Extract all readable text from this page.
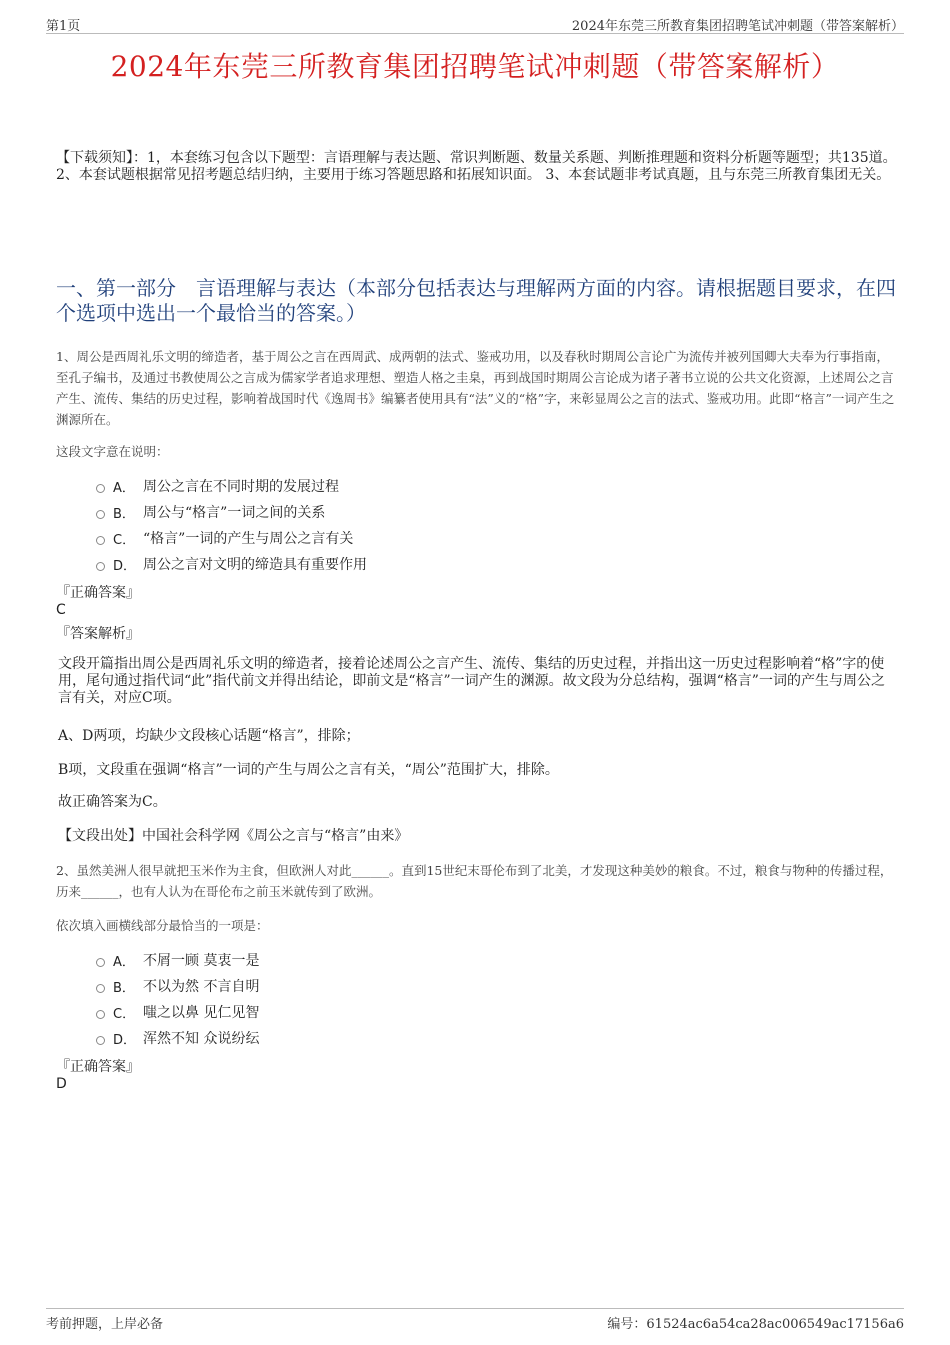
第1页	2024年东莞三所教育集团招聘笔试冲刺题（带答案解析）
2024年东莞三所教育集团招聘笔试冲刺题（带答案解析）
【下载须知】：1，本套练习包含以下题型：言语理解与表达题、常识判断题、数量关系题、判断推理题和资料分析题等题型；共135道。 2、本套试题根据常见招考题总结归纳，主要用于练习答题思路和拓展知识面。 3、本套试题非考试真题，且与东莞三所教育集团无关。
一、第一部分　言语理解与表达（本部分包括表达与理解两方面的内容。请根据题目要求，在四个选项中选出一个最恰当的答案。）
1、周公是西周礼乐文明的缔造者，基于周公之言在西周武、成两朝的法式、鉴戒功用，以及春秋时期周公言论广为流传并被列国卿大夫奉为行事指南，至孔子编书，及通过书教使周公之言成为儒家学者追求理想、塑造人格之圭臬，再到战国时期周公言论成为诸子著书立说的公共文化资源，上述周公之言产生、流传、集结的历史过程，影响着战国时代《逸周书》编纂者使用具有“法”义的“格”字，来彰显周公之言的法式、鉴戒功用。此即“格言”一词产生之渊源所在。
这段文字意在说明：
A． 周公之言在不同时期的发展过程
B． 周公与“格言”一词之间的关系
C． “格言”一词的产生与周公之言有关
D． 周公之言对文明的缔造具有重要作用
『正确答案』
C
『答案解析』
文段开篇指出周公是西周礼乐文明的缔造者，接着论述周公之言产生、流传、集结的历史过程，并指出这一历史过程影响着“格”字的使用，尾句通过指代词“此”指代前文并得出结论，即前文是“格言”一词产生的渊源。故文段为分总结构，强调“格言”一词的产生与周公之言有关，对应C项。
A、D两项，均缺少文段核心话题“格言”，排除；
B项，文段重在强调“格言”一词的产生与周公之言有关，“周公”范围扩大，排除。
故正确答案为C。
【文段出处】中国社会科学网《周公之言与“格言”由来》
2、虽然美洲人很早就把玉米作为主食，但欧洲人对此______。直到15世纪末哥伦布到了北美，才发现这种美妙的粮食。不过，粮食与物种的传播过程，历来______，也有人认为在哥伦布之前玉米就传到了欧洲。
依次填入画横线部分最恰当的一项是：
A． 不屑一顾 莫衷一是
B． 不以为然 不言自明
C． 嗤之以鼻 见仁见智
D． 浑然不知 众说纷纭
『正确答案』
D
考前押题，上岸必备	编号：61524ac6a54ca28ac006549ac17156a6
